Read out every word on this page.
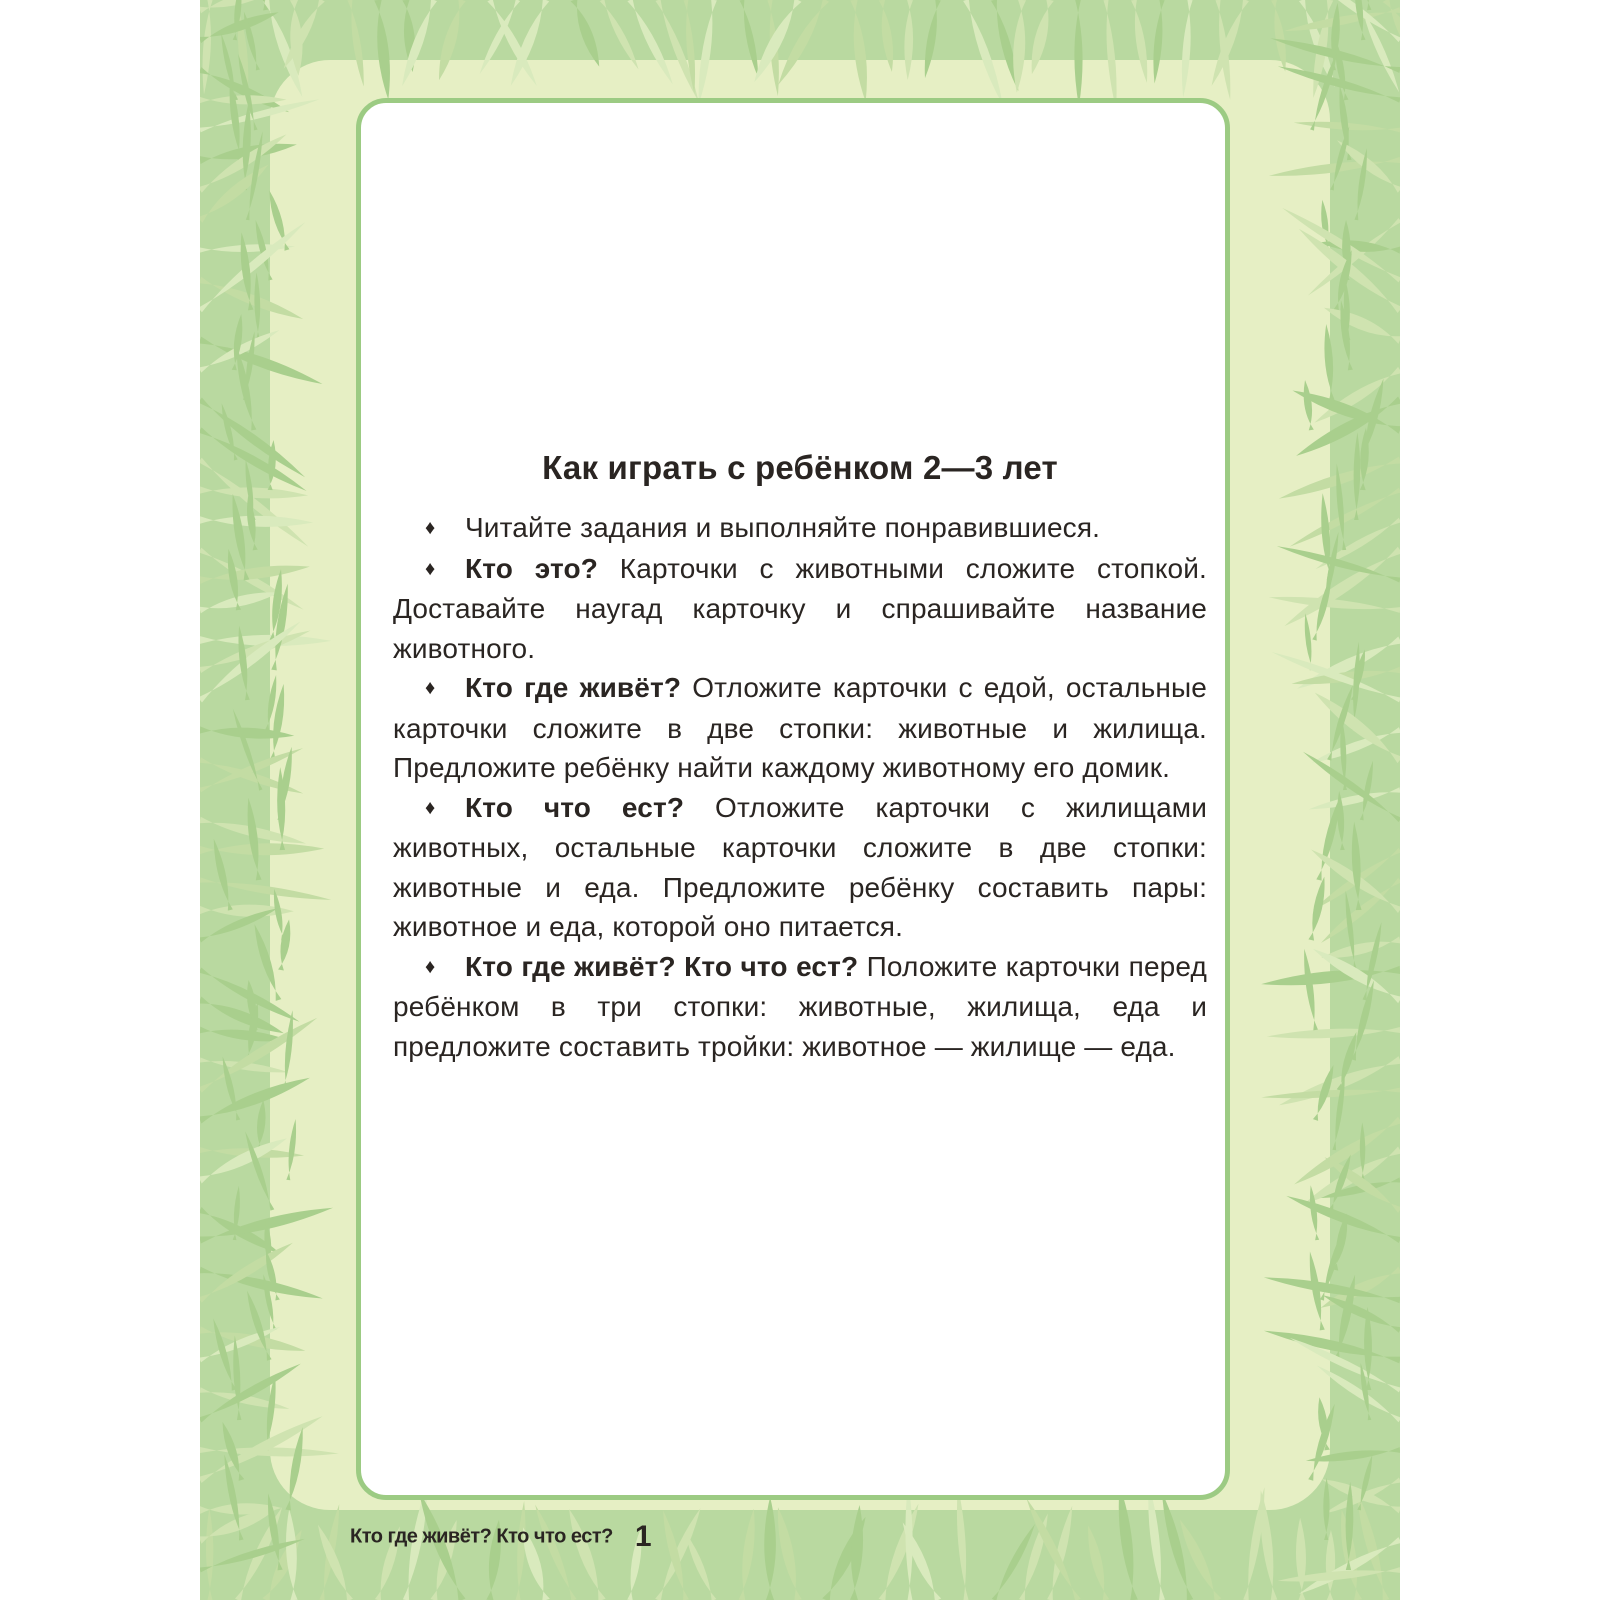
Как играть с ребёнком 2—3 лет

♦ Читайте задания и выполняйте понравившиеся.

♦ Кто это? Карточки с животными сложите стопкой. Доставайте наугад карточку и спрашивайте название животного.

♦ Кто где живёт? Отложите карточки с едой, остальные карточки сложите в две стопки: животные и жилища. Предложите ребёнку найти каждому животному его домик.

♦ Кто что ест? Отложите карточки с жилищами животных, остальные карточки сложите в две стопки: животные и еда. Предложите ребёнку составить пары: животное и еда, которой оно питается.

♦ Кто где живёт? Кто что ест? Положите карточки перед ребёнком в три стопки: животные, жилища, еда и предложите составить тройки: животное — жилище — еда.

Кто где живёт? Кто что ест? 1
